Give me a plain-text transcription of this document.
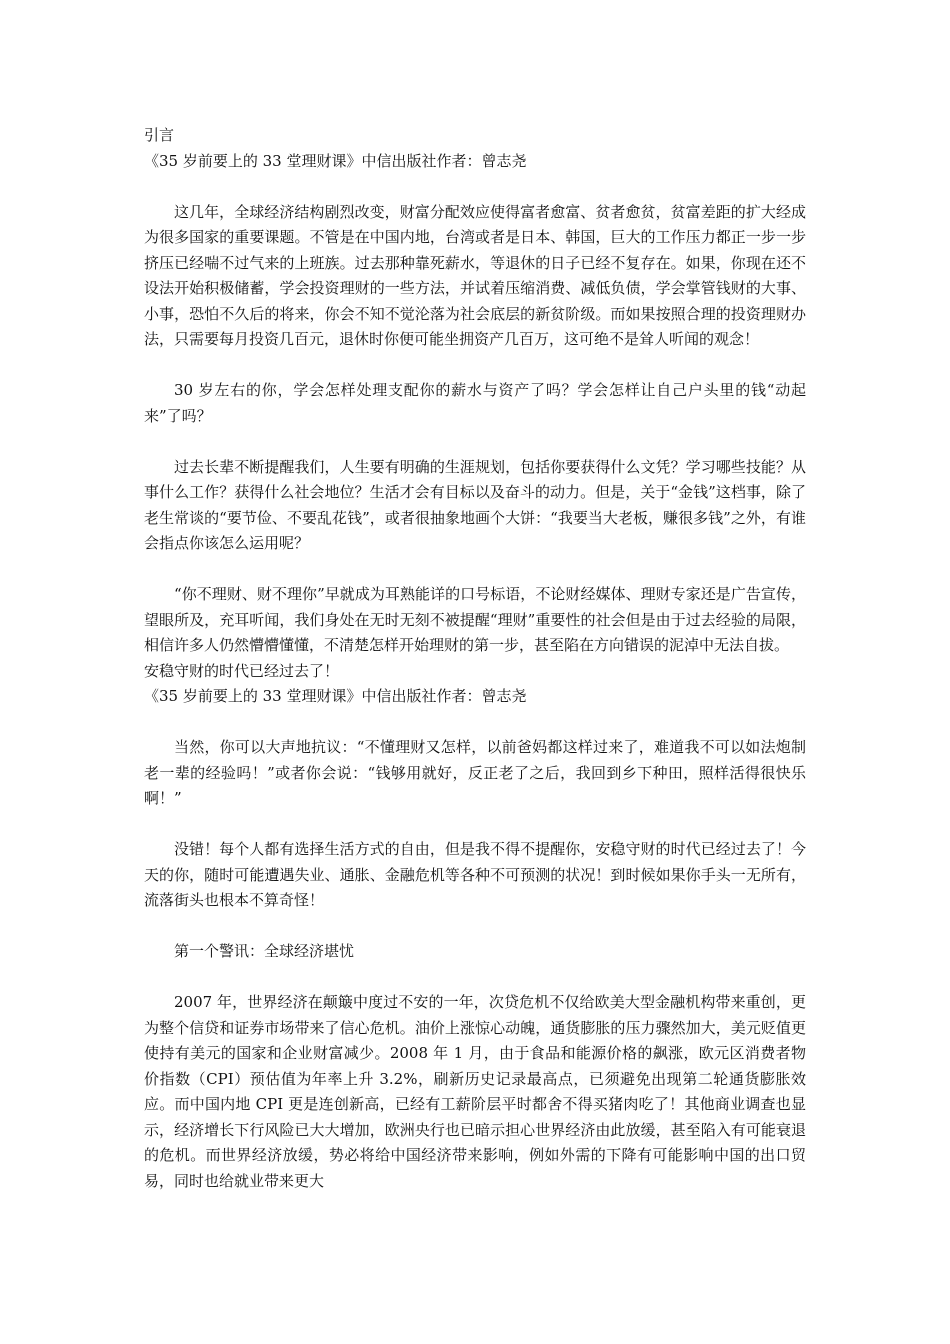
引言
《35 岁前要上的 33 堂理财课》中信出版社作者：曾志尧
这几年，全球经济结构剧烈改变，财富分配效应使得富者愈富、贫者愈贫，贫富差距的扩大经成为很多国家的重要课题。不管是在中国内地，台湾或者是日本、韩国，巨大的工作压力都正一步一步挤压已经喘不过气来的上班族。过去那种靠死薪水，等退休的日子已经不复存在。如果，你现在还不设法开始积极储蓄，学会投资理财的一些方法，并试着压缩消费、减低负债，学会掌管钱财的大事、小事，恐怕不久后的将来，你会不知不觉沦落为社会底层的新贫阶级。而如果按照合理的投资理财办法，只需要每月投资几百元，退休时你便可能坐拥资产几百万，这可绝不是耸人听闻的观念！
30 岁左右的你，学会怎样处理支配你的薪水与资产了吗？学会怎样让自己户头里的钱“动起来”了吗？
过去长辈不断提醒我们，人生要有明确的生涯规划，包括你要获得什么文凭？学习哪些技能？从事什么工作？获得什么社会地位？生活才会有目标以及奋斗的动力。但是，关于“金钱”这档事，除了老生常谈的“要节俭、不要乱花钱”，或者很抽象地画个大饼：“我要当大老板，赚很多钱”之外，有谁会指点你该怎么运用呢？
“你不理财、财不理你”早就成为耳熟能详的口号标语，不论财经媒体、理财专家还是广告宣传，望眼所及，充耳听闻，我们身处在无时无刻不被提醒“理财”重要性的社会但是由于过去经验的局限，相信许多人仍然懵懵懂懂，不清楚怎样开始理财的第一步，甚至陷在方向错误的泥淖中无法自拔。
安稳守财的时代已经过去了！
《35 岁前要上的 33 堂理财课》中信出版社作者：曾志尧
当然，你可以大声地抗议：“不懂理财又怎样，以前爸妈都这样过来了，难道我不可以如法炮制老一辈的经验吗！”或者你会说：“钱够用就好，反正老了之后，我回到乡下种田，照样活得很快乐啊！”
没错！每个人都有选择生活方式的自由，但是我不得不提醒你，安稳守财的时代已经过去了！今天的你，随时可能遭遇失业、通胀、金融危机等各种不可预测的状况！到时候如果你手头一无所有，流落街头也根本不算奇怪！
第一个警讯：全球经济堪忧
2007 年，世界经济在颠簸中度过不安的一年，次贷危机不仅给欧美大型金融机构带来重创，更为整个信贷和证券市场带来了信心危机。油价上涨惊心动魄，通货膨胀的压力骤然加大，美元贬值更使持有美元的国家和企业财富减少。2008 年 1 月，由于食品和能源价格的飙涨，欧元区消费者物价指数（CPI）预估值为年率上升 3.2%，刷新历史记录最高点，已须避免出现第二轮通货膨胀效应。而中国内地 CPI 更是连创新高，已经有工薪阶层平时都舍不得买猪肉吃了！其他商业调查也显示，经济增长下行风险已大大增加，欧洲央行也已暗示担心世界经济由此放缓，甚至陷入有可能衰退的危机。而世界经济放缓，势必将给中国经济带来影响，例如外需的下降有可能影响中国的出口贸易，同时也给就业带来更大
